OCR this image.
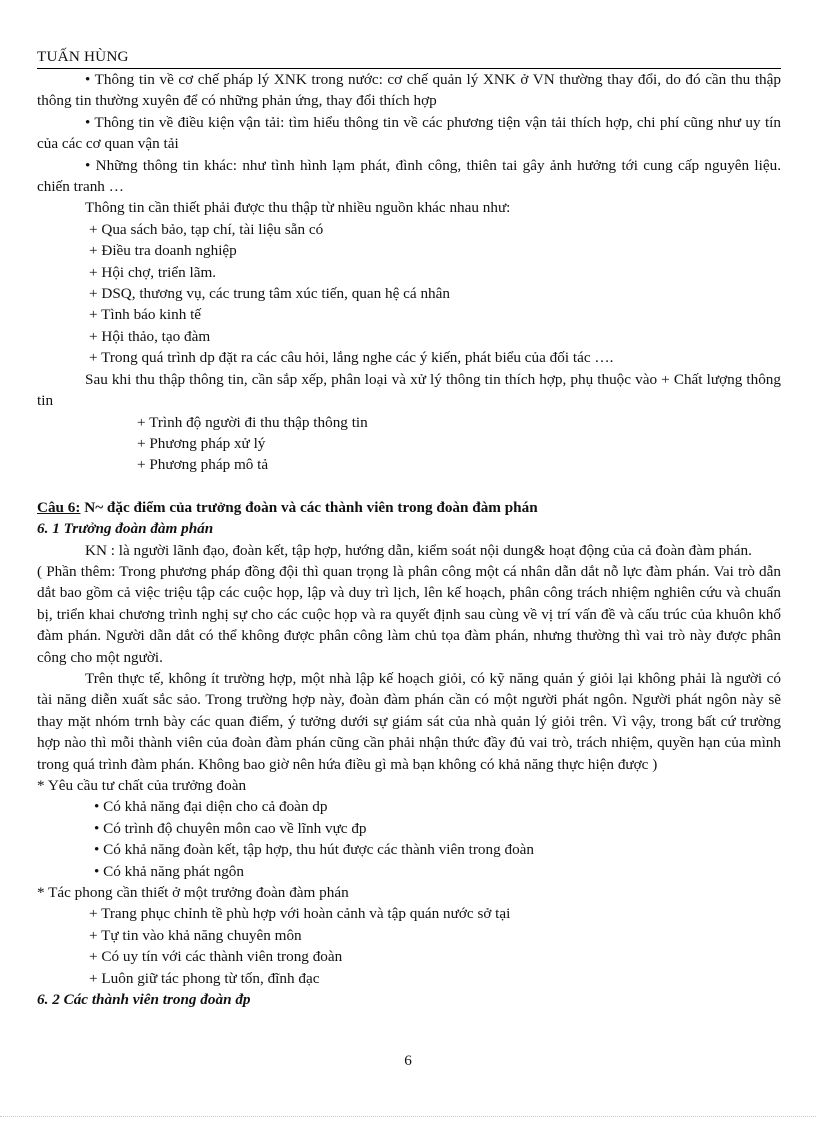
TUẤN HÙNG

• Thông tin về cơ chế pháp lý XNK trong nước: cơ chế quản lý XNK ở VN thường thay đổi, do đó cần thu thập thông tin thường xuyên để có những phản ứng, thay đổi thích hợp

• Thông tin về điều kiện vận tải: tìm hiểu thông tin về các phương tiện vận tải thích hợp, chi phí cũng như uy tín của các cơ quan vận tải

• Những thông tin khác: như tình hình lạm phát, đình công, thiên tai gây ảnh hưởng tới cung cấp nguyên liệu. chiến tranh …

Thông tin cần thiết phải được thu thập từ nhiều nguồn khác nhau như:

+ Qua sách bảo, tạp chí, tài liệu sẵn có

+ Điều tra doanh nghiệp

+ Hội chợ, triển lãm.

+ DSQ, thương vụ, các trung tâm xúc tiến, quan hệ cá nhân

+ Tình báo kinh tế

+ Hội thảo, tạo đàm

+ Trong quá trình dp đặt ra các câu hỏi, lắng nghe các ý kiến, phát biểu của đối tác ….

Sau khi thu thập thông tin, cần sắp xếp, phân loại và xử lý thông tin thích hợp, phụ thuộc vào + Chất lượng thông tin

+ Trình độ người đi thu thập thông tin

+ Phương pháp xử lý

+ Phương pháp mô tả

Câu 6: N~ đặc điểm của trưởng đoàn và các thành viên trong đoàn đàm phán

6. 1 Trưởng đoàn đàm phán

KN : là người lãnh đạo, đoàn kết, tập hợp, hướng dẫn, kiểm soát nội dung& hoạt động của cả đoàn đàm phán.

( Phần thêm: Trong phương pháp đồng đội thì quan trọng là phân công một cá nhân dẫn dắt nỗ lực đàm phán. Vai trò dẫn dắt bao gồm cả việc triệu tập các cuộc họp, lập và duy trì lịch, lên kế hoạch, phân công trách nhiệm nghiên cứu và chuẩn bị, triển khai chương trình nghị sự cho các cuộc họp và ra quyết định sau cùng về vị trí vấn đề và cấu trúc của khuôn khổ đàm phán. Người dẫn dắt có thể không được phân công làm chủ tọa đàm phán, nhưng thường thì vai trò này được phân công cho một người.

Trên thực tế, không ít trường hợp, một nhà lập kế hoạch giỏi, có kỹ năng quản ý giỏi lại không phải là người có tài năng diễn xuất sắc sảo. Trong trường hợp này, đoàn đàm phán cần có một người phát ngôn. Người phát ngôn này sẽ thay mặt nhóm trnh bày các quan điểm, ý tưởng dưới sự giám sát của nhà quản lý giỏi trên. Vì vậy, trong bất cứ trường hợp nào thì mỗi thành viên của đoàn đàm phán cũng cần phải nhận thức đầy đủ vai trò, trách nhiệm, quyền hạn của mình trong quá trình đàm phán. Không bao giờ nên hứa điều gì mà bạn không có khả năng thực hiện được )

* Yêu cầu tư chất của trưởng đoàn

• Có khả năng đại diện cho cả đoàn dp

• Có trình độ chuyên môn cao về lĩnh vực đp

• Có khả năng đoàn kết, tập hợp, thu hút được các thành viên trong đoàn

• Có khả năng phát ngôn

* Tác phong cần thiết ở một trưởng đoàn đàm phán

+ Trang phục chỉnh tề phù hợp với hoàn cảnh và tập quán nước sở tại

+ Tự tin vào khả năng chuyên môn

+ Có uy tín với các thành viên trong đoàn

+ Luôn giữ tác phong từ tốn, đĩnh đạc

6. 2 Các thành viên trong đoàn đp

6
